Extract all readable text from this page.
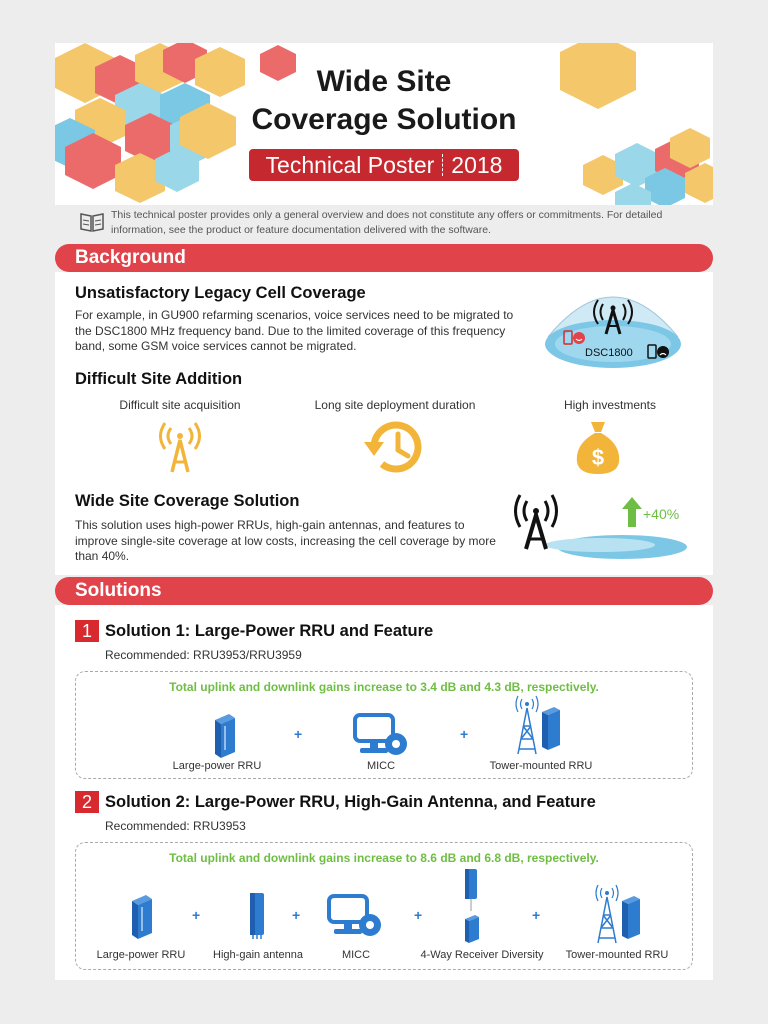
Wide Site
Coverage Solution
Technical Poster 2018
This technical poster provides only a general overview and does not constitute any offers or commitments. For detailed information, see the product or feature documentation delivered with the software.
Background
Unsatisfactory Legacy Cell Coverage
For example, in GU900 refarming scenarios, voice services need to be migrated to the DSC1800 MHz frequency band. Due to the limited coverage of this frequency band, some GSM voice services cannot be migrated.	DSC1800
Difficult Site Addition
Difficult site acquisition	Long site deployment duration	High investments
$
Wide Site Coverage Solution
This solution uses high-power RRUs, high-gain antennas, and features to improve single-site coverage at low costs, increasing the cell coverage by more than 40%.
+40%
Solutions
1 Solution 1: Large-Power RRU and Feature
Recommended: RRU3953/RRU3959
Total uplink and downlink gains increase to 3.4 dB and 4.3 dB, respectively.
+	+
Large-power RRU	MICC	Tower-mounted RRU
2 Solution 2: Large-Power RRU, High-Gain Antenna, and Feature
Recommended: RRU3953
Total uplink and downlink gains increase to 8.6 dB and 6.8 dB, respectively.
+	+	+	+
Large-power RRU	High-gain antenna	MICC	4-Way Receiver Diversity	Tower-mounted RRU
